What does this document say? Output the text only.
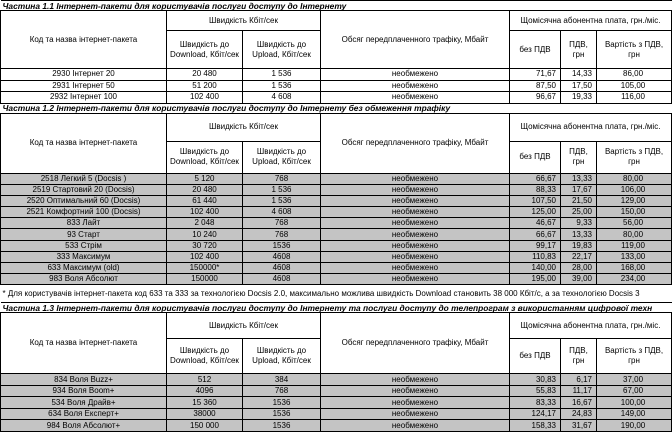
Частина 1.1 Інтернет-пакети для користувачів послуги доступу до Інтернету						
Код та назва інтернет-пакета	Швидкість Кбіт/сек		Обсяг передплаченного трафіку, Мбайт	Щомісячна абонентна плата, грн./міс.		
	Швидкість до Download, Кбіт/сек	Швидкість до Upload, Кбіт/сек		без ПДВ	ПДВ, грн	Вартість з ПДВ, грн
2930 Інтернет 20	20 480	1 536	необмежено	71,67	14,33	86,00
2931 Інтернет 50	51 200	1 536	необмежено	87,50	17,50	105,00
2932 Інтернет 100	102 400	4 608	необмежено	96,67	19,33	116,00
Частина 1.2 Інтернет-пакети для користувачів послуги доступу до Інтернету без обмеження трафіку						
Код та назва інтернет-пакета	Швидкість Кбіт/сек		Обсяг передплаченного трафіку, Мбайт	Щомісячна абонентна плата, грн./міс.		
	Швидкість до Download, Кбіт/сек	Швидкість до Upload, Кбіт/сек		без ПДВ	ПДВ, грн	Вартість з ПДВ, грн
2518 Легкий 5 (Docsis )	5 120	768	необмежено	66,67	13,33	80,00
2519 Стартовий 20 (Docsis)	20 480	1 536	необмежено	88,33	17,67	106,00
2520 Оптимальний 60 (Docsis)	61 440	1 536	необмежено	107,50	21,50	129,00
2521 Комфортний 100 (Docsis)	102 400	4 608	необмежено	125,00	25,00	150,00
833 Лайт	2 048	768	необмежено	46,67	9,33	56,00
93 Старт	10 240	768	необмежено	66,67	13,33	80,00
533 Стрім	30 720	1536	необмежено	99,17	19,83	119,00
333 Максимум	102 400	4608	необмежено	110,83	22,17	133,00
633 Максимум (old)	150000*	4608	необмежено	140,00	28,00	168,00
983 Воля Абсолют	150000	4608	необмежено	195,00	39,00	234,00
* Для користувачів інтернет-пакета код 633 та 333 за технологією Docsis 2.0, максимально можлива швидкість Download становить 38 000 Кбіт/с, а за технологією Docsis 3						
Частина 1.3 Інтернет-пакети для користувачів послуги доступу до Інтернету та послуги доступу до телепрограм з використанням цифрової техн						
Код та назва інтернет-пакета	Швидкість Кбіт/сек		Обсяг передплаченного трафіку, Мбайт	Щомісячна абонентна плата, грн./міс.		
	Швидкість до Download, Кбіт/сек	Швидкість до Upload, Кбіт/сек		без ПДВ	ПДВ, грн	Вартість з ПДВ, грн
834 Воля Buzz+	512	384	необмежено	30,83	6,17	37,00
934 Воля Boom+	4096	768	необмежено	55,83	11,17	67,00
534 Воля Драйв+	15 360	1536	необмежено	83,33	16,67	100,00
634 Воля Експерт+	38000	1536	необмежено	124,17	24,83	149,00
984 Воля Абсолют+	150 000	1536	необмежено	158,33	31,67	190,00
